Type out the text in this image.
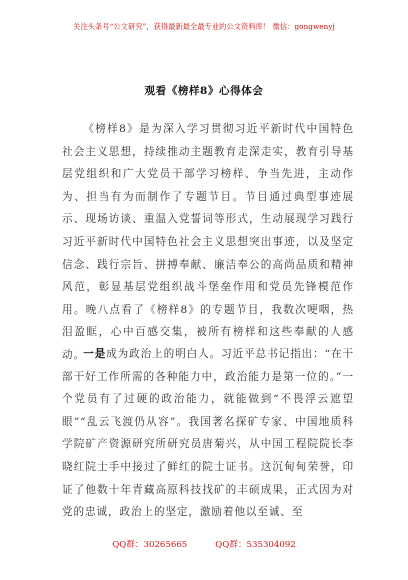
关注头条号“公文研究”，获得最新最全最专业的公文资料库！ 微信：gongwenyj
观看《榜样8》心得体会

《榜样8》是为深入学习贯彻习近平新时代中国特色社会主义思想，持续推动主题教育走深走实，教育引导基层党组织和广大党员干部学习榜样、争当先进，主动作为、担当有为而制作了专题节目。节目通过典型事迹展示、现场访谈、重温入党誓词等形式，生动展现学习践行习近平新时代中国特色社会主义思想突出事迹，以及坚定信念、践行宗旨、拼搏奉献、廉洁奉公的高尚品质和精神风范，彰显基层党组织战斗堡垒作用和党员先锋模范作用。晚八点看了《榜样8》的专题节目，我数次哽咽，热泪盈眶，心中百感交集，被所有榜样和这些奉献的人感动。

一是成为政治上的明白人。习近平总书记指出：“在干部干好工作所需的各种能力中，政治能力是第一位的。”一个党员有了过硬的政治能力，就能做到“不畏浮云遮望眼”“乱云飞渡仍从容”。我国著名探矿专家、中国地质科学院矿产资源研究所研究员唐菊兴，从中国工程院院长李晓红院士手中接过了鲜红的院士证书。这沉甸甸荣誉，印证了他数十年青藏高原科技找矿的丰硕成果，正式因为对党的忠诚，政治上的坚定，激励着他以至诚、至

QQ群：30265665	QQ群：535304092
